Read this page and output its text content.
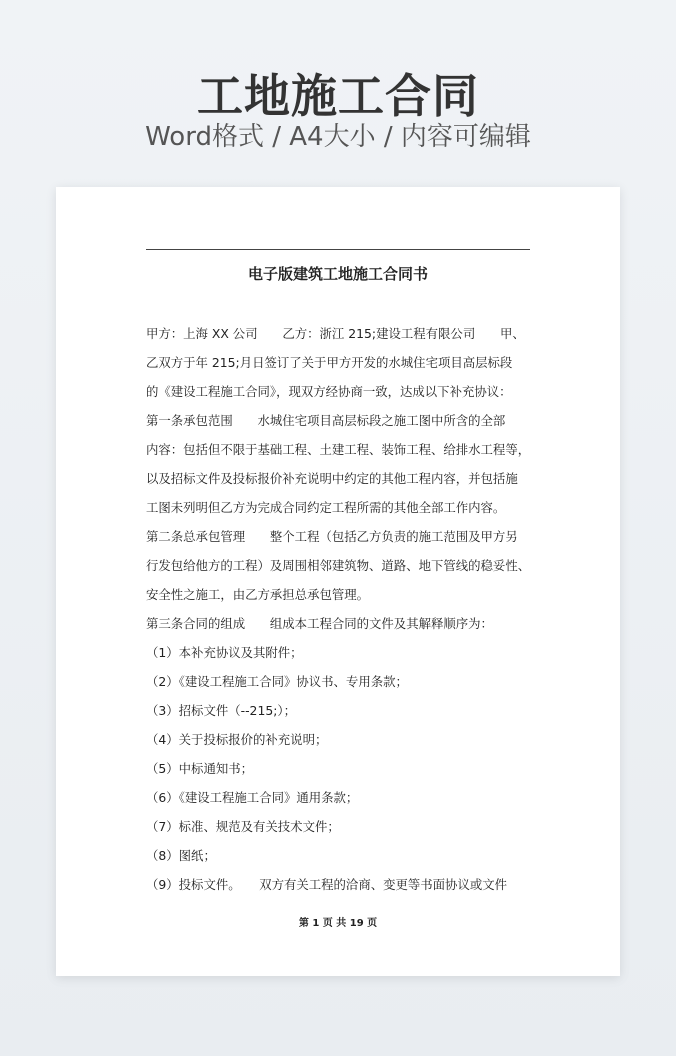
工地施工合同
Word格式 / A4大小 / 内容可编辑
电子版建筑工地施工合同书
甲方：上海 XX 公司　　乙方：浙江 215;建设工程有限公司　　甲、
乙双方于年 215;月日签订了关于甲方开发的水城住宅项目高层标段
的《建设工程施工合同》，现双方经协商一致，达成以下补充协议：
第一条承包范围　　水城住宅项目高层标段之施工图中所含的全部
内容：包括但不限于基础工程、土建工程、装饰工程、给排水工程等，
以及招标文件及投标报价补充说明中约定的其他工程内容，并包括施
工图未列明但乙方为完成合同约定工程所需的其他全部工作内容。
第二条总承包管理　　整个工程（包括乙方负责的施工范围及甲方另
行发包给他方的工程）及周围相邻建筑物、道路、地下管线的稳妥性、
安全性之施工，由乙方承担总承包管理。
第三条合同的组成　　组成本工程合同的文件及其解释顺序为：
（1）本补充协议及其附件；
（2）《建设工程施工合同》协议书、专用条款；
（3）招标文件（--215;）；
（4）关于投标报价的补充说明；
（5）中标通知书；
（6）《建设工程施工合同》通用条款；
（7）标准、规范及有关技术文件；
（8）图纸；
（9）投标文件。　　双方有关工程的洽商、变更等书面协议或文件
第 1 页 共 19 页
